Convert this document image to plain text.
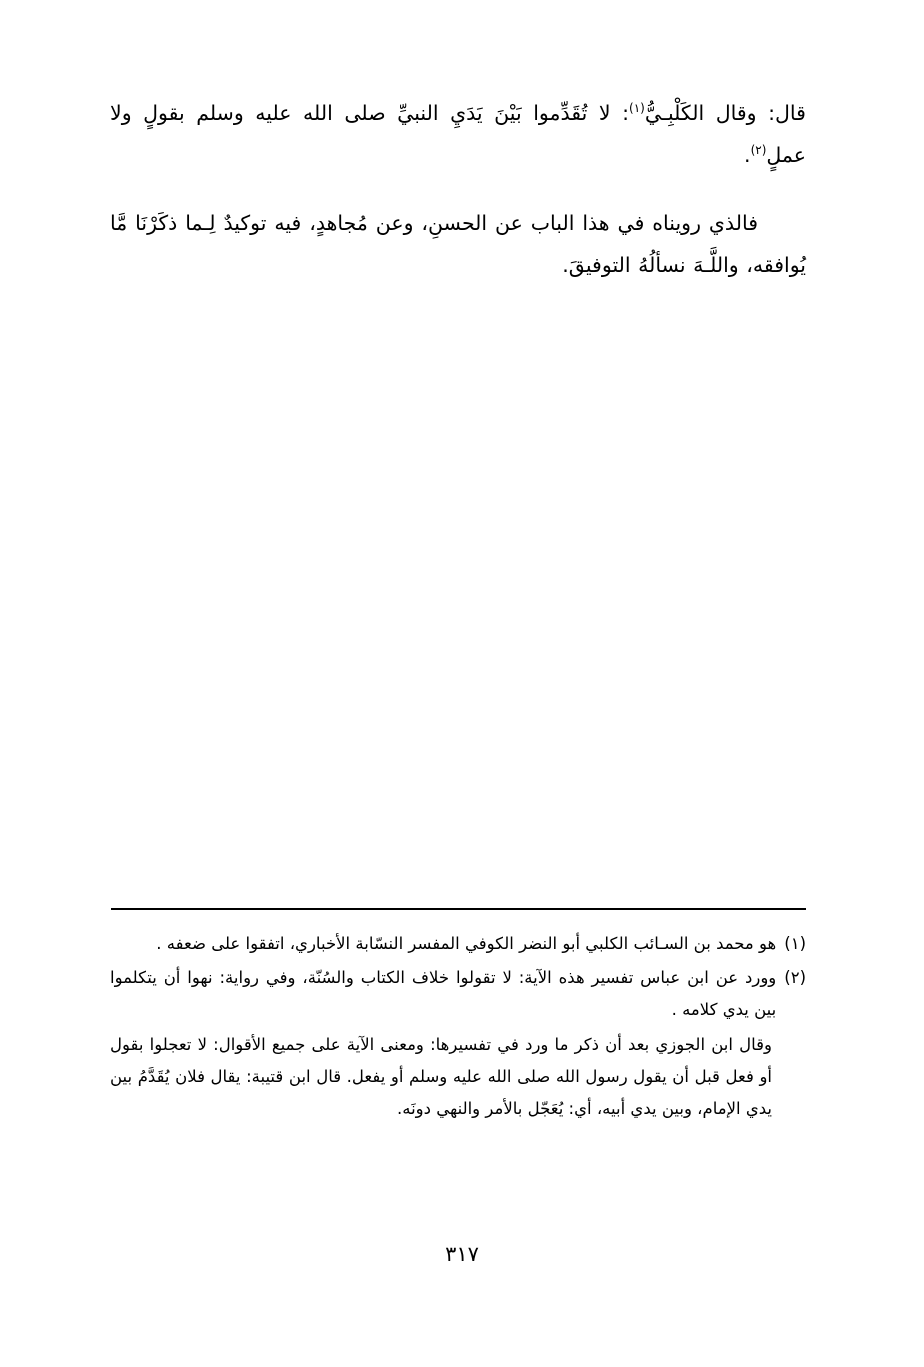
قال: وقال الكَلْبِـيُّ$^{(١)}$: لا تُقَدِّموا بَيْنَ يَدَيِ النبيِّ صلى الله عليه وسلم بقولٍ ولا عملٍ$^{(٢)}$.

فالذي رويناه في هذا الباب عن الحسنِ، وعن مُجاهدٍ، فيه توكيدٌ لِـما ذكَرْنَا مَّا يُوافقه، واللَّـهَ نسألُهُ التوفيقَ.

(١)
هو محمد بن السـائب الكلبي أبو النضر الكوفي المفسر النسّابة الأخباري، اتفقوا على ضعفه .
(٢)
وورد عن ابن عباس تفسير هذه الآية: لا تقولوا خلاف الكتاب والسُنّة، وفي رواية: نهوا أن يتكلموا بين يدي كلامه .
وقال ابن الجوزي بعد أن ذكر ما ورد في تفسيرها: ومعنى الآية على جميع الأقوال: لا تعجلوا بقول أو فعل قبل أن يقول رسول الله صلى الله عليه وسلم أو يفعل. قال ابن قتيبة: يقال فلان يُقَدَّمُ بين يدي الإمام، وبين يدي أبيه، أي: يُعَجّل بالأمر والنهي دونَه.
٣١٧
